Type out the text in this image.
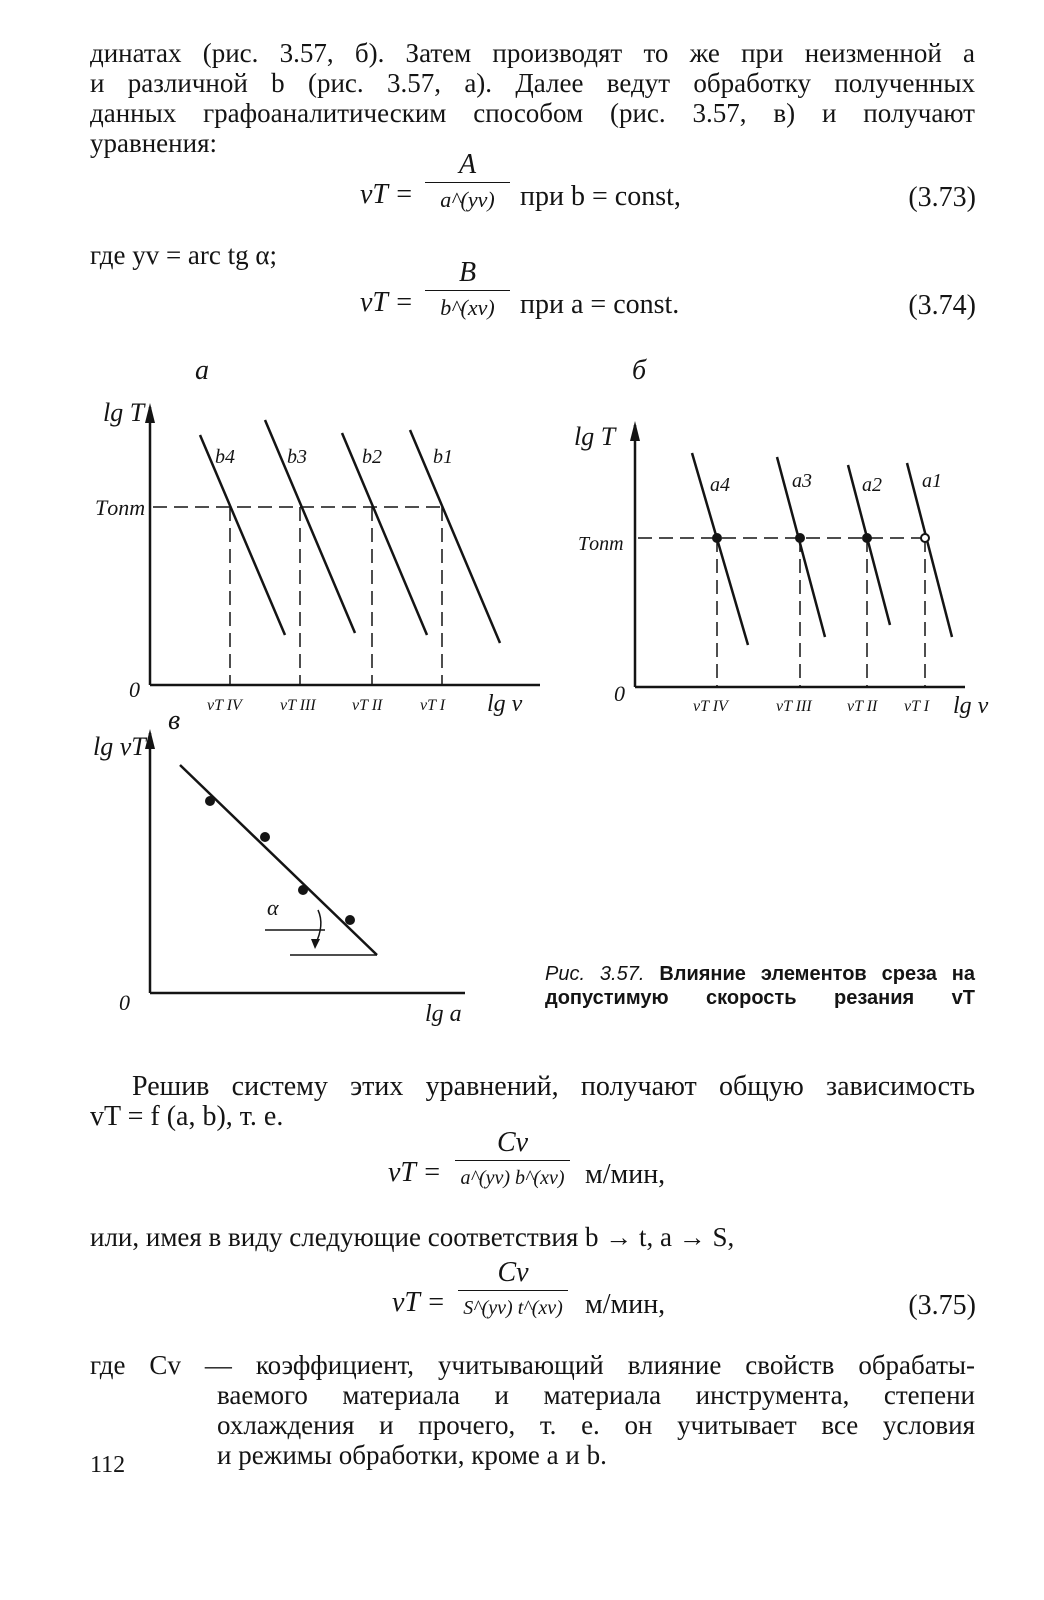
динатах (рис. 3.57, б). Затем производят то же при неизменной a
и различной b (рис. 3.57, a). Далее ведут обработку полученных
данных графоаналитическим способом (рис. 3.57, в) и получают
уравнения:
vT =
A
a^(yv) при b = const,	(3.73)
где yv = arc tg α;
vT =
B
b^(xv) при a = const.	(3.74)
а	б
lg T
Tопт
0
lg v
b4	b3	b2	b1
vT IV vT III vT II vT I
lg T
Tопт
0	lg v
a4	a3	a2 a1
vT IV	vT III vT II vT I
в
lg vT
0	lg a
α
Рис. 3.57. Влияние элементов среза на допустимую скорость резания vT
Решив систему этих уравнений, получают общую зависимость
vT = f (a, b), т. е.
vT =
Cv
a^(yv) b^(xv) м/мин,
или, имея в виду следующие соответствия b → t, a → S,
vT =
Cv
S^(yv) t^(xv) м/мин,	(3.75)
где Cv — коэффициент, учитывающий влияние свойств обрабаты-
ваемого материала и материала инструмента, степени
охлаждения и прочего, т. е. он учитывает все условия
и режимы обработки, кроме a и b.
112
